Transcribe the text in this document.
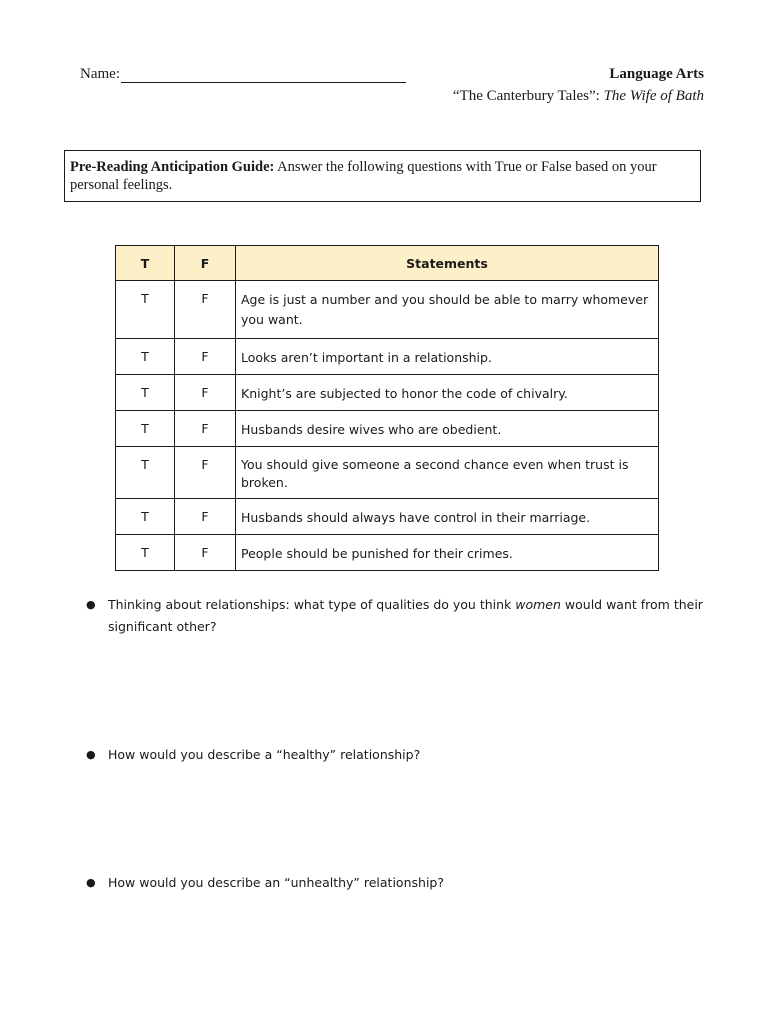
Name:	Language Arts
“The Canterbury Tales”: The Wife of Bath
Pre-Reading Anticipation Guide: Answer the following questions with True or False based on your personal feelings.
T	F	Statements
T	F	Age is just a number and you should be able to marry whomever you want.
T	F	Looks aren’t important in a relationship.
T	F	Knight’s are subjected to honor the code of chivalry.
T	F	Husbands desire wives who are obedient.
T	F	You should give someone a second chance even when trust is broken.
T	F	Husbands should always have control in their marriage.
T	F	People should be punished for their crimes.
● Thinking about relationships: what type of qualities do you think women would want from their significant other?
● How would you describe a “healthy” relationship?
● How would you describe an “unhealthy” relationship?
